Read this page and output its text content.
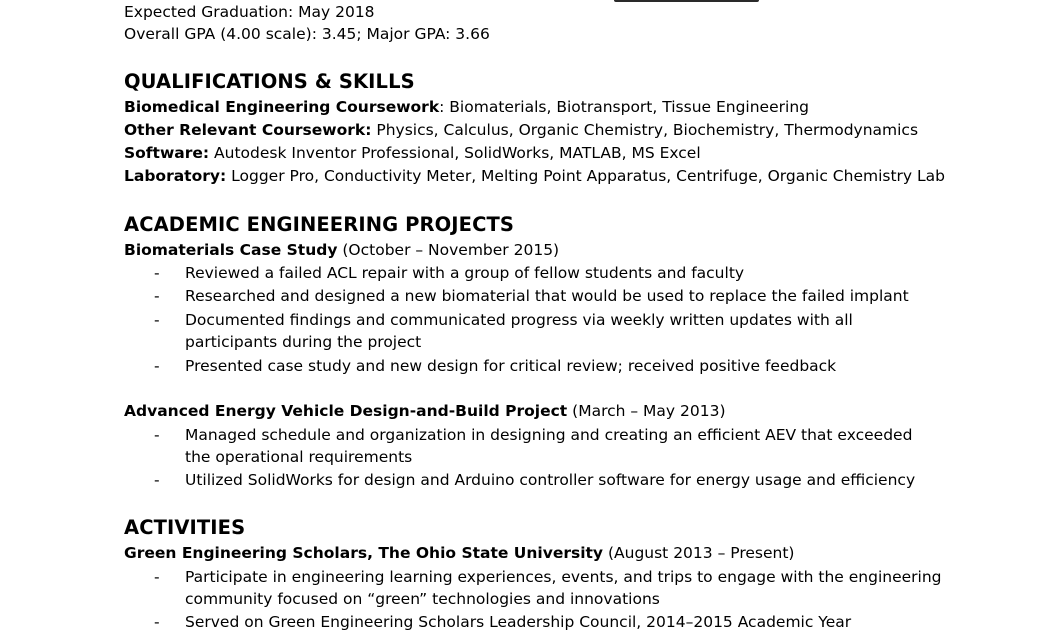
Expected Graduation: May 2018
Overall GPA (4.00 scale): 3.45; Major GPA: 3.66
QUALIFICATIONS & SKILLS
Biomedical Engineering Coursework: Biomaterials, Biotransport, Tissue Engineering
Other Relevant Coursework: Physics, Calculus, Organic Chemistry, Biochemistry, Thermodynamics
Software: Autodesk Inventor Professional, SolidWorks, MATLAB, MS Excel
Laboratory: Logger Pro, Conductivity Meter, Melting Point Apparatus, Centrifuge, Organic Chemistry Lab
ACADEMIC ENGINEERING PROJECTS
Biomaterials Case Study (October – November 2015)
-	Reviewed a failed ACL repair with a group of fellow students and faculty
-	Researched and designed a new biomaterial that would be used to replace the failed implant
-	Documented findings and communicated progress via weekly written updates with all
participants during the project
-	Presented case study and new design for critical review; received positive feedback
Advanced Energy Vehicle Design-and-Build Project (March – May 2013)
-	Managed schedule and organization in designing and creating an efficient AEV that exceeded
the operational requirements
-	Utilized SolidWorks for design and Arduino controller software for energy usage and efficiency
ACTIVITIES
Green Engineering Scholars, The Ohio State University (August 2013 – Present)
-	Participate in engineering learning experiences, events, and trips to engage with the engineering
community focused on “green” technologies and innovations
-	Served on Green Engineering Scholars Leadership Council, 2014–2015 Academic Year
